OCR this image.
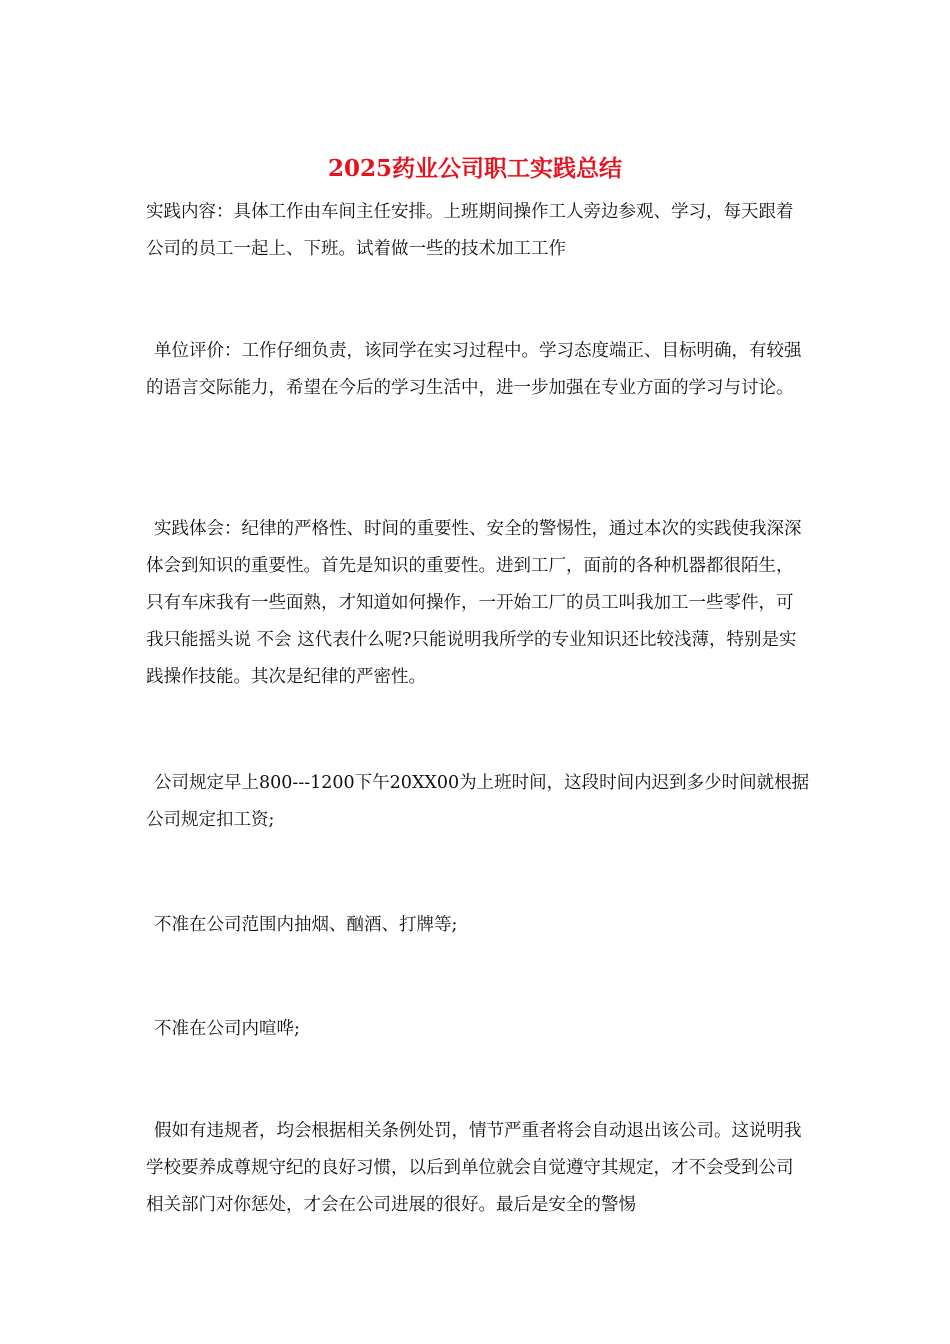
2025药业公司职工实践总结

实践内容：具体工作由车间主任安排。上班期间操作工人旁边参观、学习，每天跟着公司的员工一起上、下班。试着做一些的技术加工工作

单位评价：工作仔细负责，该同学在实习过程中。学习态度端正、目标明确，有较强的语言交际能力，希望在今后的学习生活中，进一步加强在专业方面的学习与讨论。

实践体会：纪律的严格性、时间的重要性、安全的警惕性，通过本次的实践使我深深体会到知识的重要性。首先是知识的重要性。进到工厂，面前的各种机器都很陌生，只有车床我有一些面熟，才知道如何操作，一开始工厂的员工叫我加工一些零件，可我只能摇头说 不会 这代表什么呢?只能说明我所学的专业知识还比较浅薄，特别是实践操作技能。其次是纪律的严密性。

公司规定早上800---1200下午20XX00为上班时间，这段时间内迟到多少时间就根据公司规定扣工资;

不准在公司范围内抽烟、酗酒、打牌等;

不准在公司内喧哗;

假如有违规者，均会根据相关条例处罚，情节严重者将会自动退出该公司。这说明我学校要养成尊规守纪的良好习惯，以后到单位就会自觉遵守其规定，才不会受到公司相关部门对你惩处，才会在公司进展的很好。最后是安全的警惕
